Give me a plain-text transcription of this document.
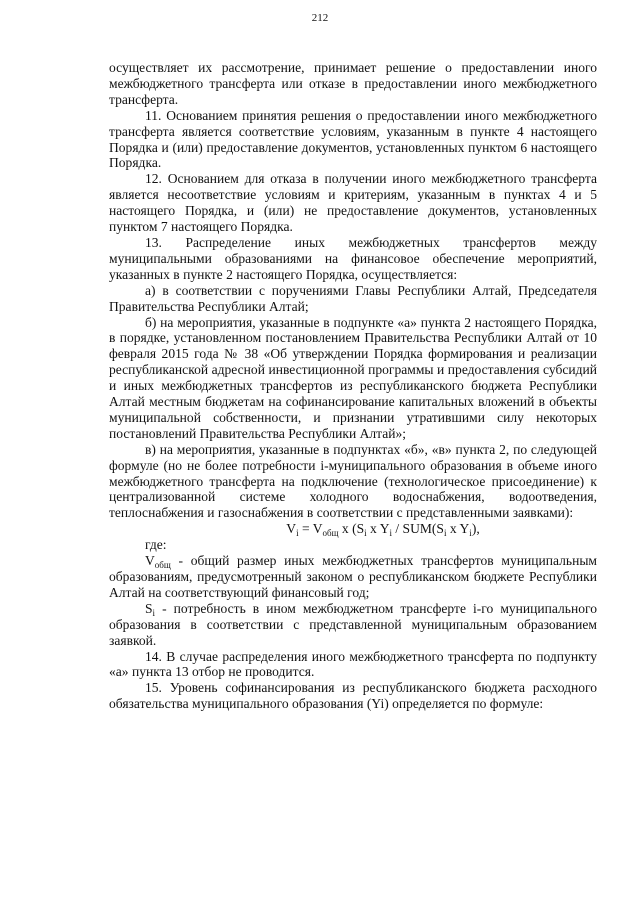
212

осуществляет их рассмотрение, принимает решение о предоставлении иного межбюджетного трансферта или отказе в предоставлении иного межбюджетного трансферта.

11. Основанием принятия решения о предоставлении иного межбюджетного трансферта является соответствие условиям, указанным в пункте 4 настоящего Порядка и (или) предоставление документов, установленных пунктом 6 настоящего Порядка.

12. Основанием для отказа в получении иного межбюджетного трансферта является несоответствие условиям и критериям, указанным в пунктах 4 и 5 настоящего Порядка, и (или) не предоставление документов, установленных пунктом 7 настоящего Порядка.

13. Распределение иных межбюджетных трансфертов между муниципальными образованиями на финансовое обеспечение мероприятий, указанных в пункте 2 настоящего Порядка, осуществляется:

а) в соответствии с поручениями Главы Республики Алтай, Председателя Правительства Республики Алтай;

б) на мероприятия, указанные в подпункте «а» пункта 2 настоящего Порядка, в порядке, установленном постановлением Правительства Республики Алтай от 10 февраля 2015 года № 38 «Об утверждении Порядка формирования и реализации республиканской адресной инвестиционной программы и предоставления субсидий и иных межбюджетных трансфертов из республиканского бюджета Республики Алтай местным бюджетам на софинансирование капитальных вложений в объекты муниципальной собственности, и признании утратившими силу некоторых постановлений Правительства Республики Алтай»;

в) на мероприятия, указанные в подпунктах «б», «в» пункта 2, по следующей формуле (но не более потребности i-муниципального образования в объеме иного межбюджетного трансферта на подключение (технологическое присоединение) к централизованной системе холодного водоснабжения, водоотведения, теплоснабжения и газоснабжения в соответствии с представленными заявками):

$V_i = V_{общ}$ x ($S_i$ x $Y_i / SUM(S_i$ x $Y_i$),

где:

$V_{общ}$ - общий размер иных межбюджетных трансфертов муниципальным образованиям, предусмотренный законом о республиканском бюджете Республики Алтай на соответствующий финансовый год;

$S_i$ - потребность в ином межбюджетном трансферте i-го муниципального образования в соответствии с представленной муниципальным образованием заявкой.

14. В случае распределения иного межбюджетного трансферта по подпункту «а» пункта 13 отбор не проводится.

15. Уровень софинансирования из республиканского бюджета расходного обязательства муниципального образования (Yi) определяется по формуле:
